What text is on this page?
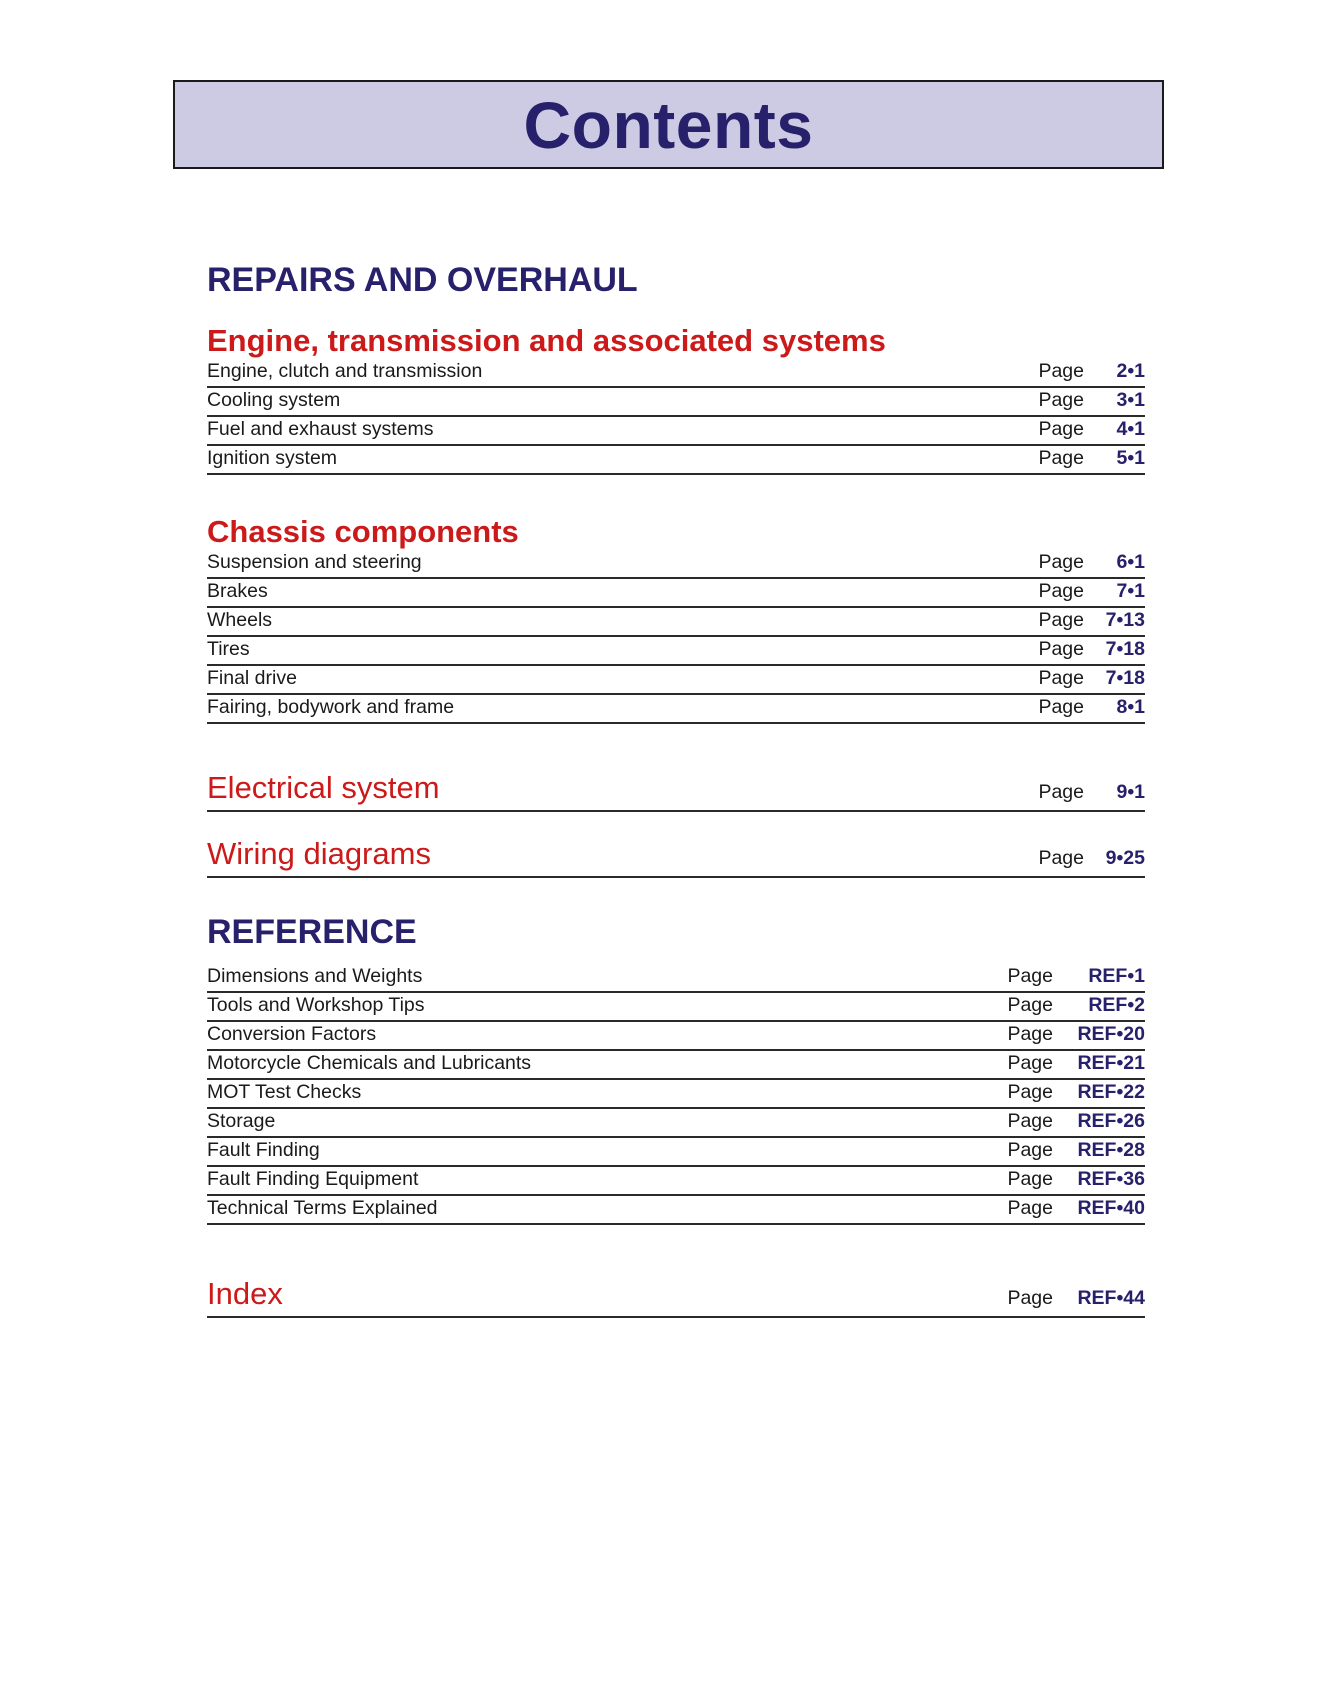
Contents
REPAIRS AND OVERHAUL
Engine, transmission and associated systems
Engine, clutch and transmission	Page	2•1
Cooling system	Page	3•1
Fuel and exhaust systems	Page	4•1
Ignition system	Page	5•1
Chassis components
Suspension and steering	Page	6•1
Brakes	Page	7•1
Wheels	Page	7•13
Tires	Page	7•18
Final drive	Page	7•18
Fairing, bodywork and frame	Page	8•1
Electrical system	Page	9•1
Wiring diagrams	Page	9•25
REFERENCE
Dimensions and Weights	Page	REF•1
Tools and Workshop Tips	Page	REF•2
Conversion Factors	Page	REF•20
Motorcycle Chemicals and Lubricants	Page	REF•21
MOT Test Checks	Page	REF•22
Storage	Page	REF•26
Fault Finding	Page	REF•28
Fault Finding Equipment	Page	REF•36
Technical Terms Explained	Page	REF•40
Index	Page	REF•44
